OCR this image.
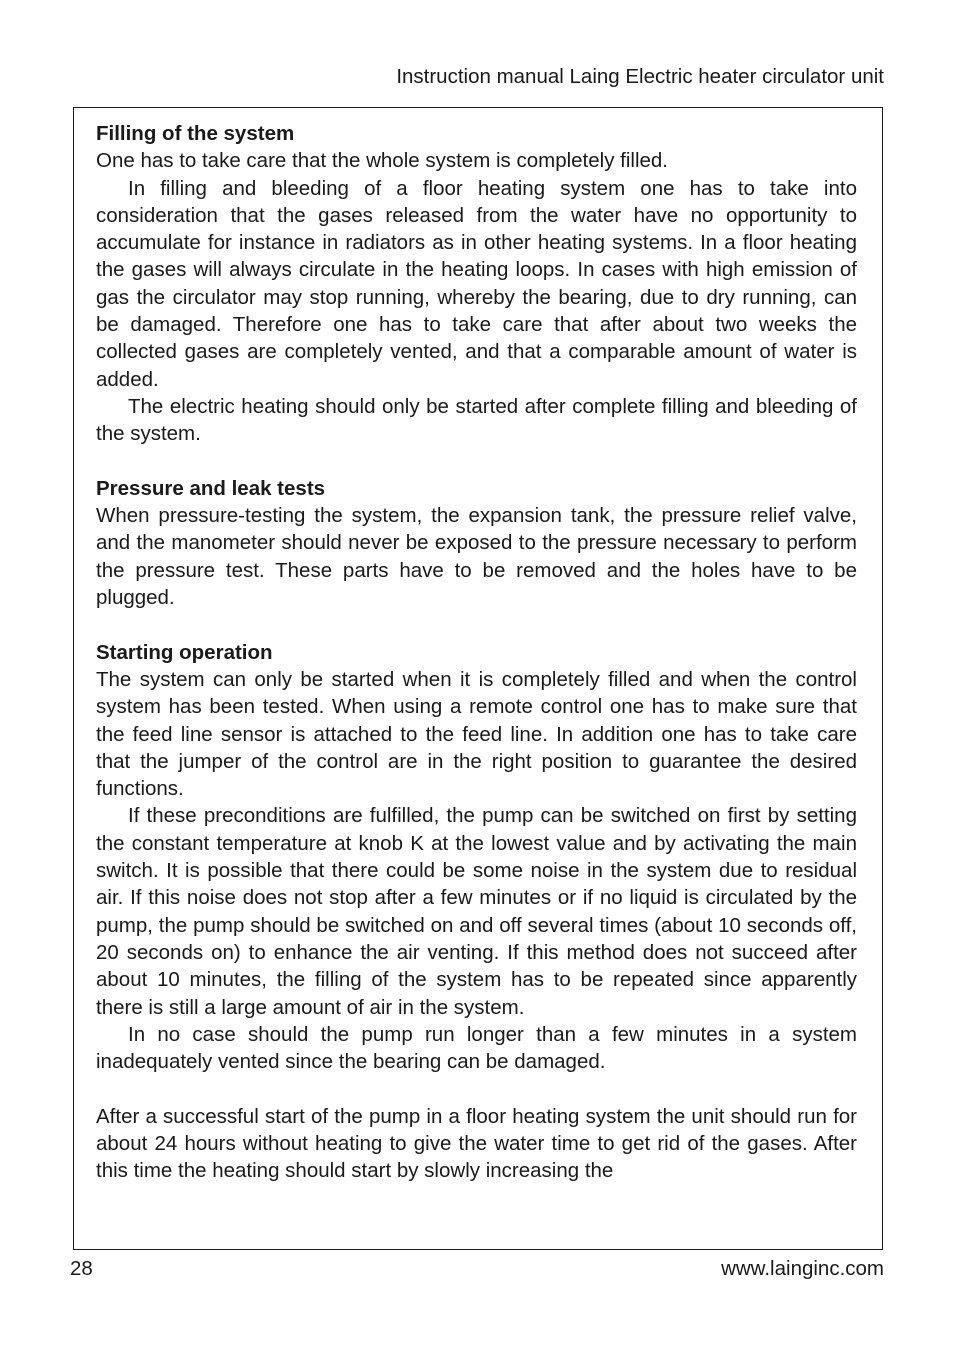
Instruction manual Laing Electric heater circulator unit
Filling of the system

One has to take care that the whole system is completely filled.

In filling and bleeding of a floor heating system one has to take into consideration that the gases released from the water have no opportunity to accumulate for instance in radiators as in other heating systems. In a floor heating the gases will always circulate in the heating loops. In cases with high emission of gas the circulator may stop running, whereby the bearing, due to dry running, can be damaged. Therefore one has to take care that after about two weeks the collected gases are completely vented, and that a comparable amount of water is added.

The electric heating should only be started after complete filling and bleeding of the system.

Pressure and leak tests

When pressure-testing the system, the expansion tank, the pressure relief valve, and the manometer should never be exposed to the pressure necessary to perform the pressure test. These parts have to be removed and the holes have to be plugged.

Starting operation

The system can only be started when it is completely filled and when the control system has been tested. When using a remote control one has to make sure that the feed line sensor is attached to the feed line. In addition one has to take care that the jumper of the control are in the right position to guarantee the desired functions.

If these preconditions are fulfilled, the pump can be switched on first by setting the constant temperature at knob K at the lowest value and by activating the main switch. It is possible that there could be some noise in the system due to residual air. If this noise does not stop after a few minutes or if no liquid is circulated by the pump, the pump should be switched on and off several times (about 10 seconds off, 20 seconds on) to enhance the air venting. If this method does not succeed after about 10 minutes, the filling of the system has to be repeated since apparently there is still a large amount of air in the system.

In no case should the pump run longer than a few minutes in a system inadequately vented since the bearing can be damaged.

After a successful start of the pump in a floor heating system the unit should run for about 24 hours without heating to give the water time to get rid of the gases. After this time the heating should start by slowly increasing the

28	www.lainginc.com
